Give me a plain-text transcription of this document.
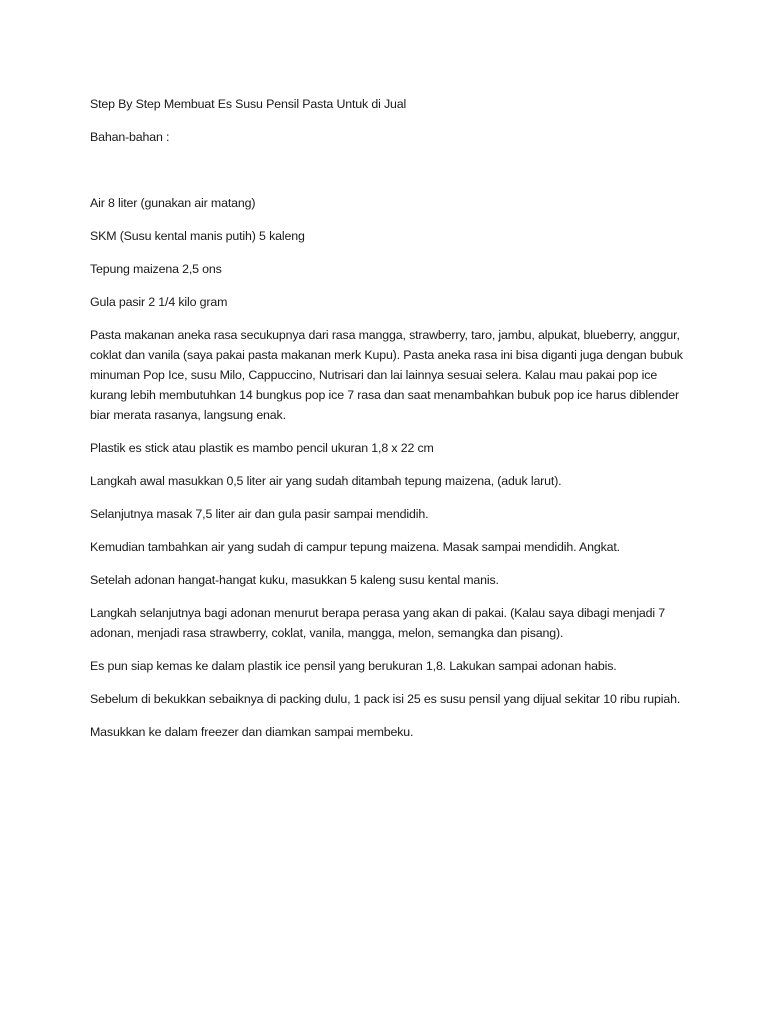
Step By Step Membuat Es Susu Pensil Pasta Untuk di Jual

Bahan-bahan :

Air 8 liter (gunakan air matang)

SKM (Susu kental manis putih) 5 kaleng

Tepung maizena 2,5 ons

Gula pasir 2 1/4 kilo gram

Pasta makanan aneka rasa secukupnya dari rasa mangga, strawberry, taro, jambu, alpukat, blueberry, anggur, coklat dan vanila (saya pakai pasta makanan merk Kupu). Pasta aneka rasa ini bisa diganti juga dengan bubuk minuman Pop Ice, susu Milo, Cappuccino, Nutrisari dan lai lainnya sesuai selera. Kalau mau pakai pop ice kurang lebih membutuhkan 14 bungkus pop ice 7 rasa dan saat menambahkan bubuk pop ice harus diblender biar merata rasanya, langsung enak.

Plastik es stick atau plastik es mambo pencil ukuran 1,8 x 22 cm

Langkah awal masukkan 0,5 liter air yang sudah ditambah tepung maizena, (aduk larut).

Selanjutnya masak 7,5 liter air dan gula pasir sampai mendidih.

Kemudian tambahkan air yang sudah di campur tepung maizena. Masak sampai mendidih. Angkat.

Setelah adonan hangat-hangat kuku, masukkan 5 kaleng susu kental manis.

Langkah selanjutnya bagi adonan menurut berapa perasa yang akan di pakai. (Kalau saya dibagi menjadi 7 adonan, menjadi rasa strawberry, coklat, vanila, mangga, melon, semangka dan pisang).

Es pun siap kemas ke dalam plastik ice pensil yang berukuran 1,8. Lakukan sampai adonan habis.

Sebelum di bekukkan sebaiknya di packing dulu, 1 pack isi 25 es susu pensil yang dijual sekitar 10 ribu rupiah.

Masukkan ke dalam freezer dan diamkan sampai membeku.
